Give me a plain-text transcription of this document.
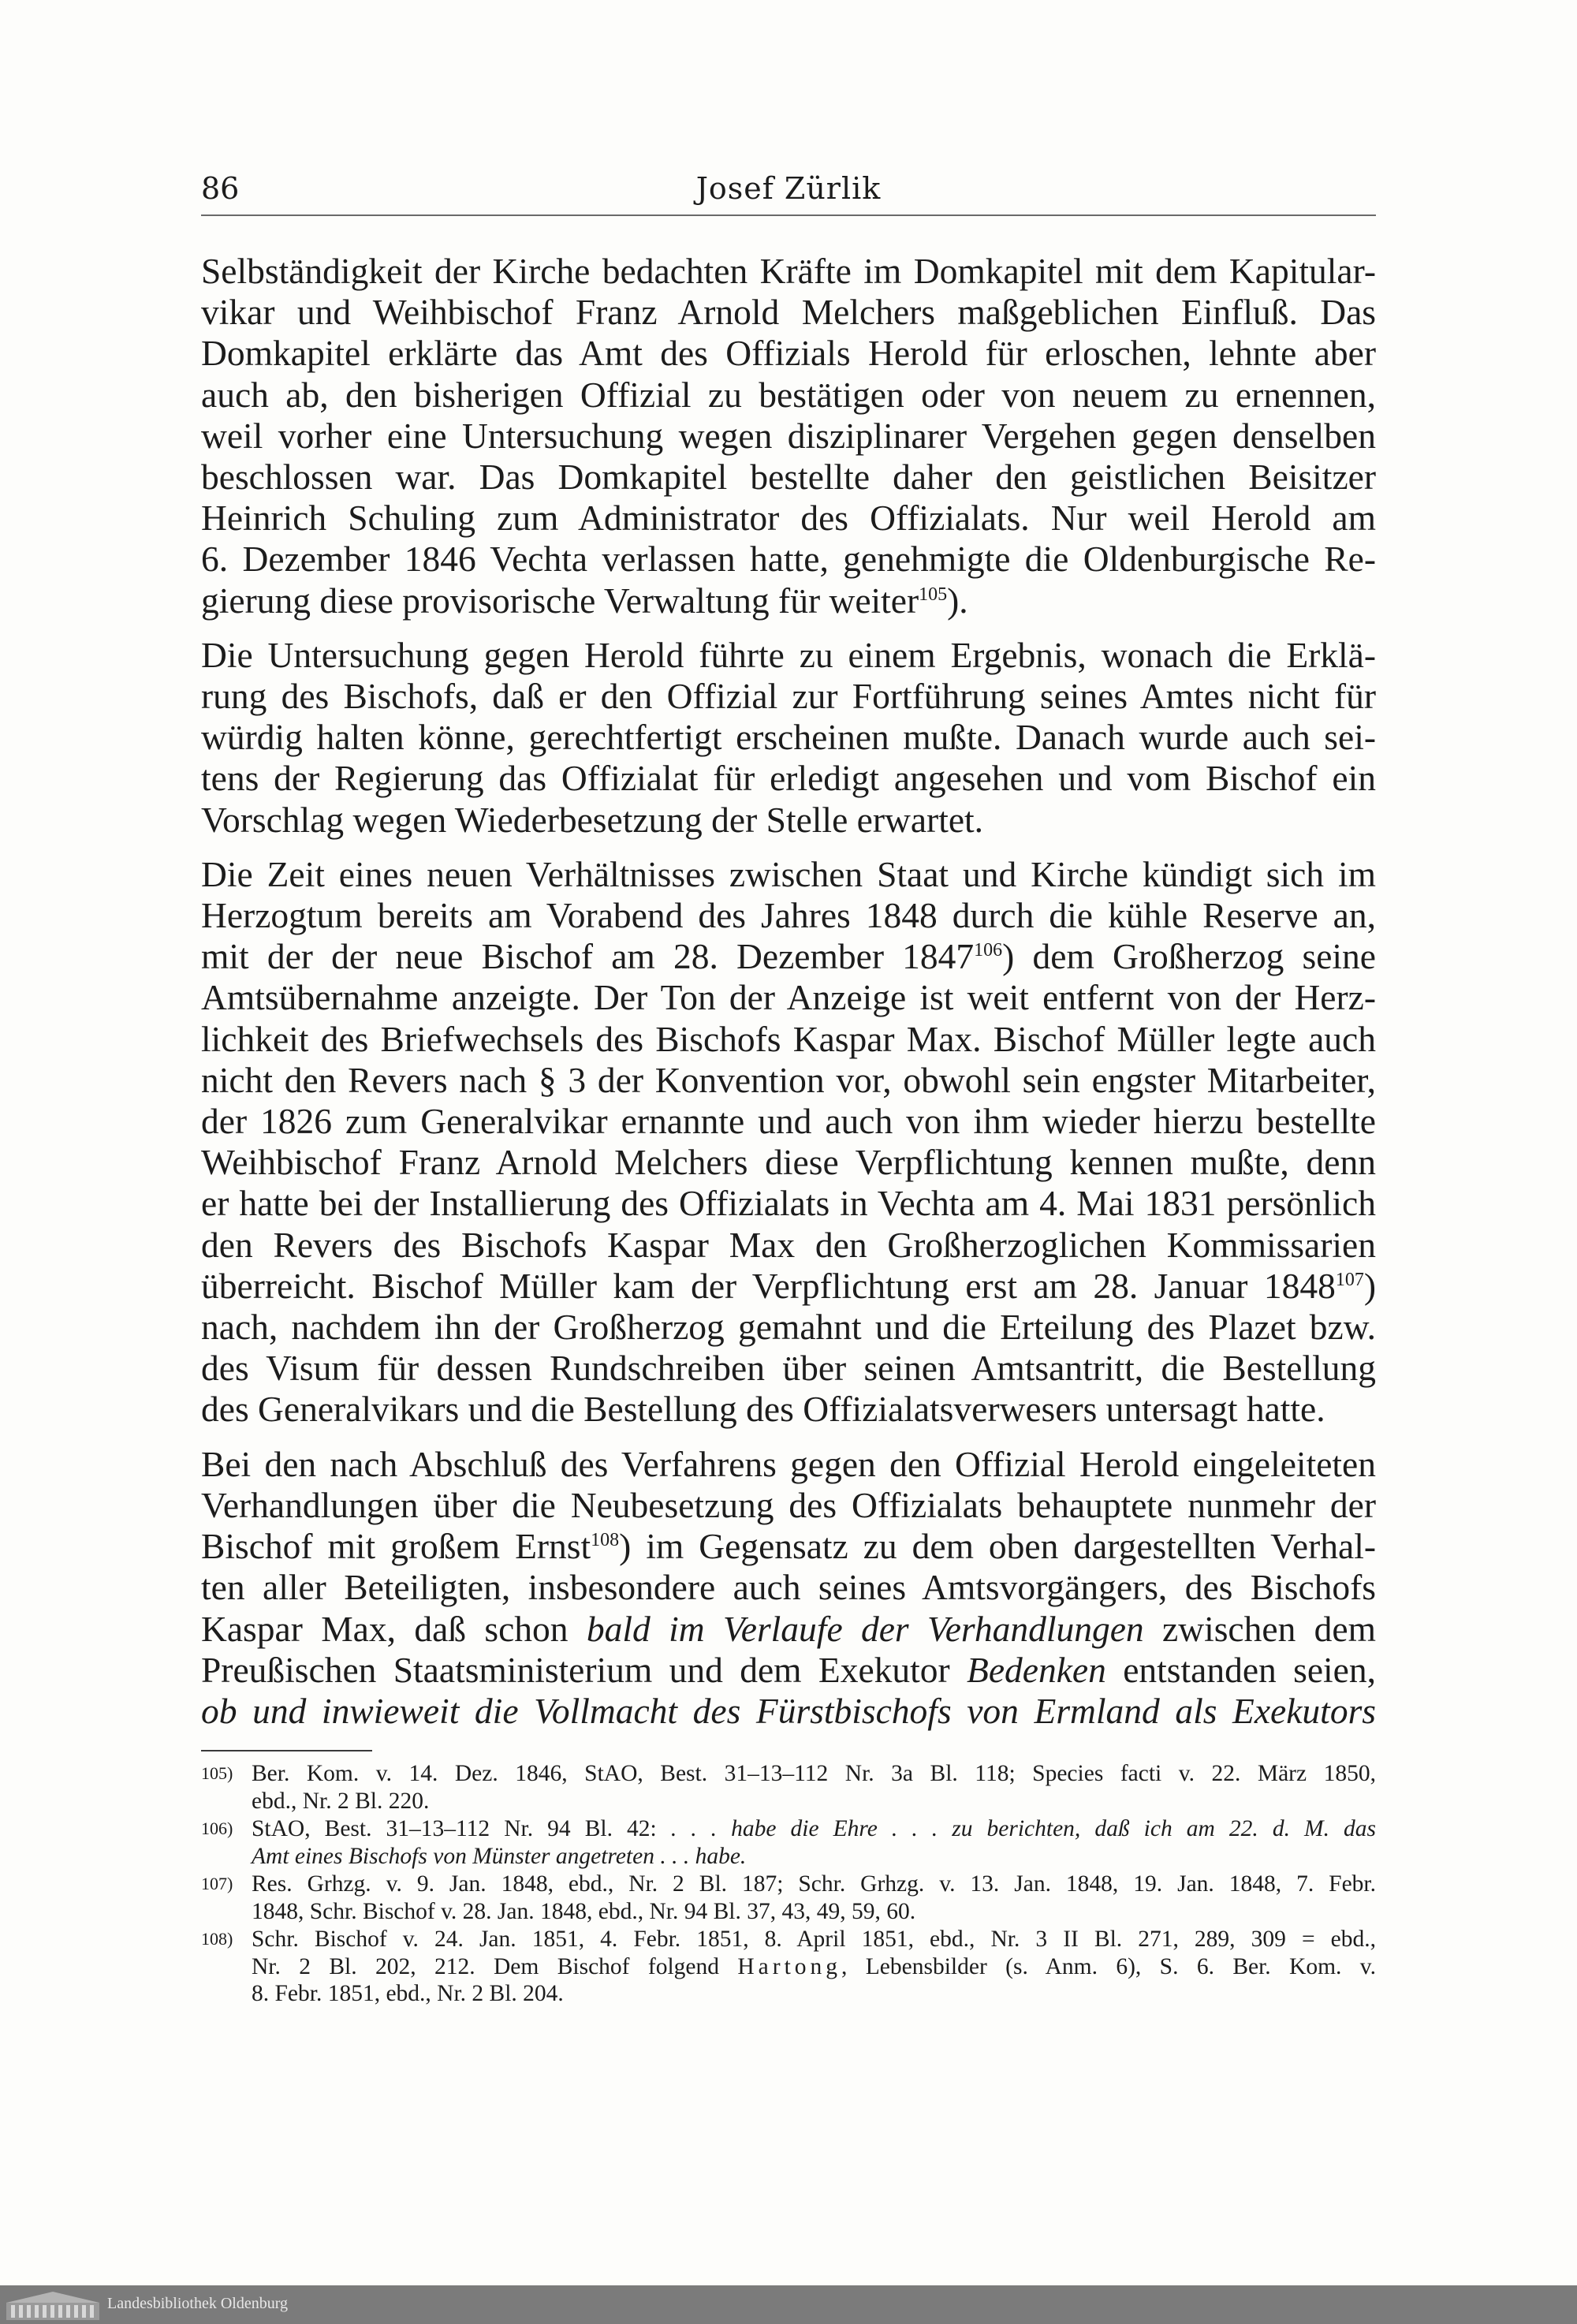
86	Josef Zürlik
Selbständigkeit der Kirche bedachten Kräfte im Domkapitel mit dem Kapitular-
vikar und Weihbischof Franz Arnold Melchers maßgeblichen Einfluß. Das
Domkapitel erklärte das Amt des Offizials Herold für erloschen, lehnte aber
auch ab, den bisherigen Offizial zu bestätigen oder von neuem zu ernennen,
weil vorher eine Untersuchung wegen disziplinarer Vergehen gegen denselben
beschlossen war. Das Domkapitel bestellte daher den geistlichen Beisitzer
Heinrich Schuling zum Administrator des Offizialats. Nur weil Herold am
6. Dezember 1846 Vechta verlassen hatte, genehmigte die Oldenburgische Re-
gierung diese provisorische Verwaltung für weiter$^{105}$).
Die Untersuchung gegen Herold führte zu einem Ergebnis, wonach die Erklä-
rung des Bischofs, daß er den Offizial zur Fortführung seines Amtes nicht für
würdig halten könne, gerechtfertigt erscheinen mußte. Danach wurde auch sei-
tens der Regierung das Offizialat für erledigt angesehen und vom Bischof ein
Vorschlag wegen Wiederbesetzung der Stelle erwartet.
Die Zeit eines neuen Verhältnisses zwischen Staat und Kirche kündigt sich im
Herzogtum bereits am Vorabend des Jahres 1848 durch die kühle Reserve an,
mit der der neue Bischof am 28. Dezember 1847$^{106}$) dem Großherzog seine
Amtsübernahme anzeigte. Der Ton der Anzeige ist weit entfernt von der Herz-
lichkeit des Briefwechsels des Bischofs Kaspar Max. Bischof Müller legte auch
nicht den Revers nach § 3 der Konvention vor, obwohl sein engster Mitarbeiter,
der 1826 zum Generalvikar ernannte und auch von ihm wieder hierzu bestellte
Weihbischof Franz Arnold Melchers diese Verpflichtung kennen mußte, denn
er hatte bei der Installierung des Offizialats in Vechta am 4. Mai 1831 persönlich
den Revers des Bischofs Kaspar Max den Großherzoglichen Kommissarien
überreicht. Bischof Müller kam der Verpflichtung erst am 28. Januar 1848$^{107}$)
nach, nachdem ihn der Großherzog gemahnt und die Erteilung des Plazet bzw.
des Visum für dessen Rundschreiben über seinen Amtsantritt, die Bestellung
des Generalvikars und die Bestellung des Offizialatsverwesers untersagt hatte.
Bei den nach Abschluß des Verfahrens gegen den Offizial Herold eingeleiteten
Verhandlungen über die Neubesetzung des Offizialats behauptete nunmehr der
Bischof mit großem Ernst$^{108}$) im Gegensatz zu dem oben dargestellten Verhal-
ten aller Beteiligten, insbesondere auch seines Amtsvorgängers, des Bischofs
Kaspar Max, daß schon bald im Verlaufe der Verhandlungen zwischen dem
Preußischen Staatsministerium und dem Exekutor Bedenken entstanden seien,
ob und inwieweit die Vollmacht des Fürstbischofs von Ermland als Exekutors
105) Ber. Kom. v. 14. Dez. 1846, StAO, Best. 31–13–112 Nr. 3a Bl. 118; Species facti v. 22. März 1850,
ebd., Nr. 2 Bl. 220.
106) StAO, Best. 31–13–112 Nr. 94 Bl. 42: . . . habe die Ehre . . . zu berichten, daß ich am 22. d. M. das
Amt eines Bischofs von Münster angetreten . . . habe.
107) Res. Grhzg. v. 9. Jan. 1848, ebd., Nr. 2 Bl. 187; Schr. Grhzg. v. 13. Jan. 1848, 19. Jan. 1848, 7. Febr.
1848, Schr. Bischof v. 28. Jan. 1848, ebd., Nr. 94 Bl. 37, 43, 49, 59, 60.
108) Schr. Bischof v. 24. Jan. 1851, 4. Febr. 1851, 8. April 1851, ebd., Nr. 3 II Bl. 271, 289, 309 = ebd.,
Nr. 2 Bl. 202, 212. Dem Bischof folgend Hartong, Lebensbilder (s. Anm. 6), S. 6. Ber. Kom. v.
8. Febr. 1851, ebd., Nr. 2 Bl. 204.
Landesbibliothek Oldenburg
